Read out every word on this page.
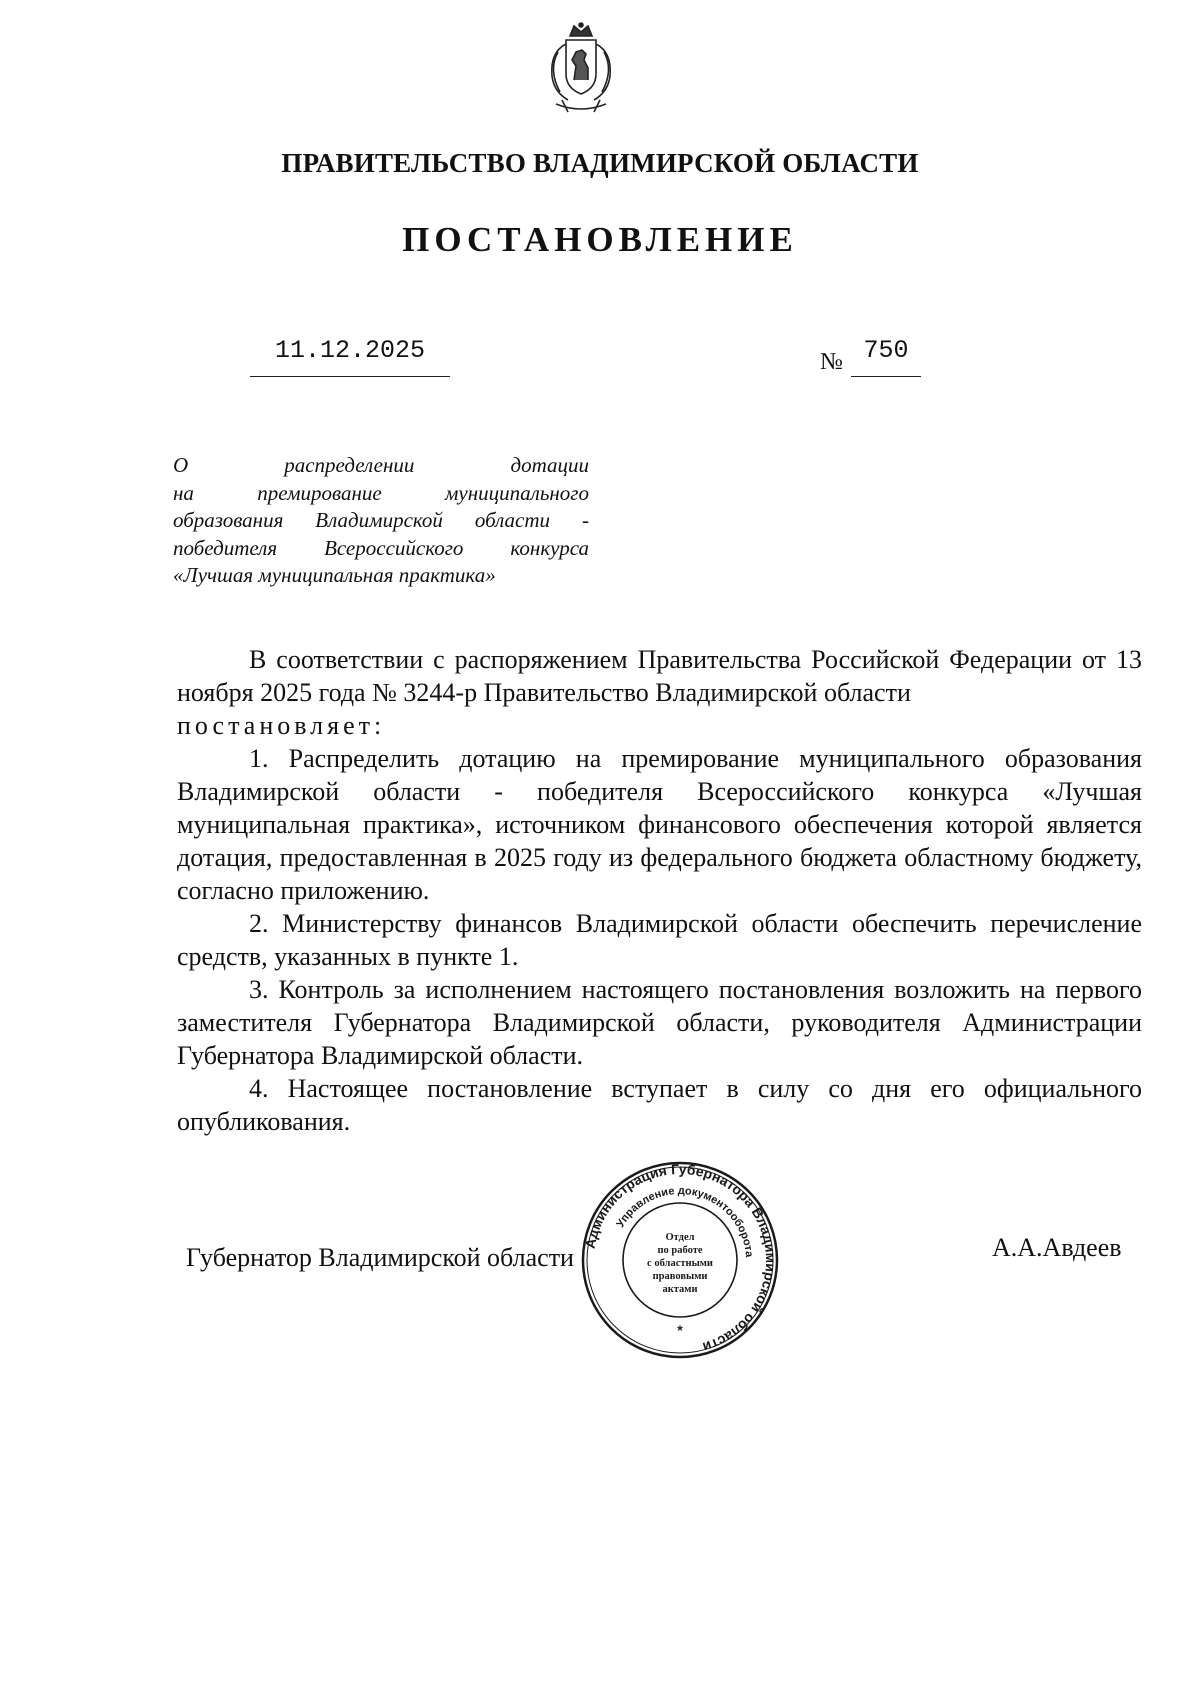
ПРАВИТЕЛЬСТВО ВЛАДИМИРСКОЙ ОБЛАСТИ
ПОСТАНОВЛЕНИЕ
11.12.2025	№ 750
О распределении дотации
на премирование муниципального
образования Владимирской области -
победителя Всероссийского конкурса
«Лучшая муниципальная практика»

В соответствии с распоряжением Правительства Российской Федерации от 13 ноября 2025 года № 3244-р Правительство Владимирской области

постановляет:

1. Распределить дотацию на премирование муниципального образования Владимирской области - победителя Всероссийского конкурса «Лучшая муниципальная практика», источником финансового обеспечения которой является дотация, предоставленная в 2025 году из федерального бюджета областному бюджету, согласно приложению.

2. Министерству финансов Владимирской области обеспечить перечисление средств, указанных в пункте 1.

3. Контроль за исполнением настоящего постановления возложить на первого заместителя Губернатора Владимирской области, руководителя Администрации Губернатора Владимирской области.

4. Настоящее постановление вступает в силу со дня его официального опубликования.

Губернатор Владимирской области	А.А.Авдеев
Администрация Губернатора Владимирской области
Управление документооборота
*
Отдел
по работе
с областными
правовыми
актами
